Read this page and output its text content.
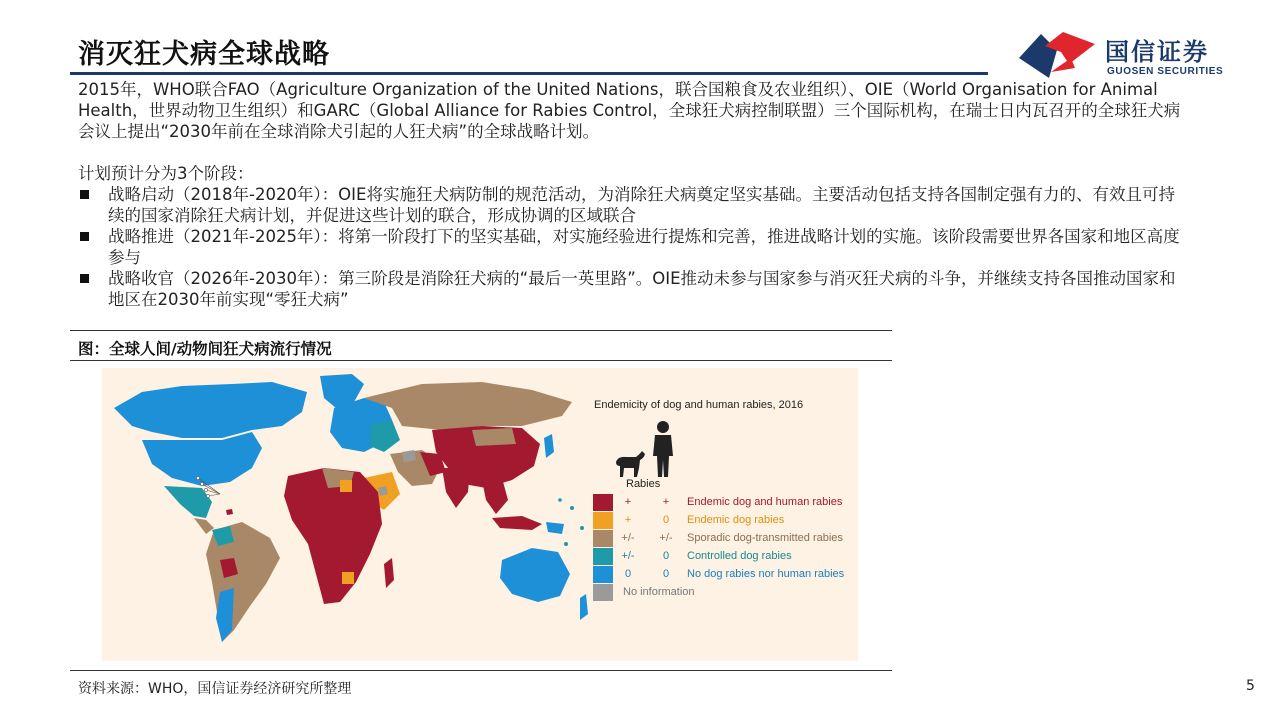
消灭狂犬病全球战略	国信证券
GUOSEN SECURITIES

2015年，WHO联合FAO（Agriculture Organization of the United Nations，联合国粮食及农业组织）、OIE（World Organisation for Animal Health，世界动物卫生组织）和GARC（Global Alliance for Rabies Control，全球狂犬病控制联盟）三个国际机构，在瑞士日内瓦召开的全球狂犬病会议上提出“2030年前在全球消除犬引起的人狂犬病”的全球战略计划。

计划预计分为3个阶段：

战略启动（2018年-2020年）：OIE将实施狂犬病防制的规范活动，为消除狂犬病奠定坚实基础。主要活动包括支持各国制定强有力的、有效且可持续的国家消除狂犬病计划，并促进这些计划的联合，形成协调的区域联合
战略推进（2021年-2025年）：将第一阶段打下的坚实基础，对实施经验进行提炼和完善，推进战略计划的实施。该阶段需要世界各国家和地区高度参与
战略收官（2026年-2030年）：第三阶段是消除狂犬病的“最后一英里路”。OIE推动未参与国家参与消灭狂犬病的斗争，并继续支持各国推动国家和地区在2030年前实现“零狂犬病”
图：全球人间/动物间狂犬病流行情况
Endemicity of dog and human rabies, 2016
Rabies
+	+	Endemic dog and human rabies
+	0	Endemic dog rabies
+/-	+/-	Sporadic dog-transmitted rabies
+/-	0	Controlled dog rabies
0	0	No dog rabies nor human rabies
No information
资料来源：WHO，国信证券经济研究所整理	5
